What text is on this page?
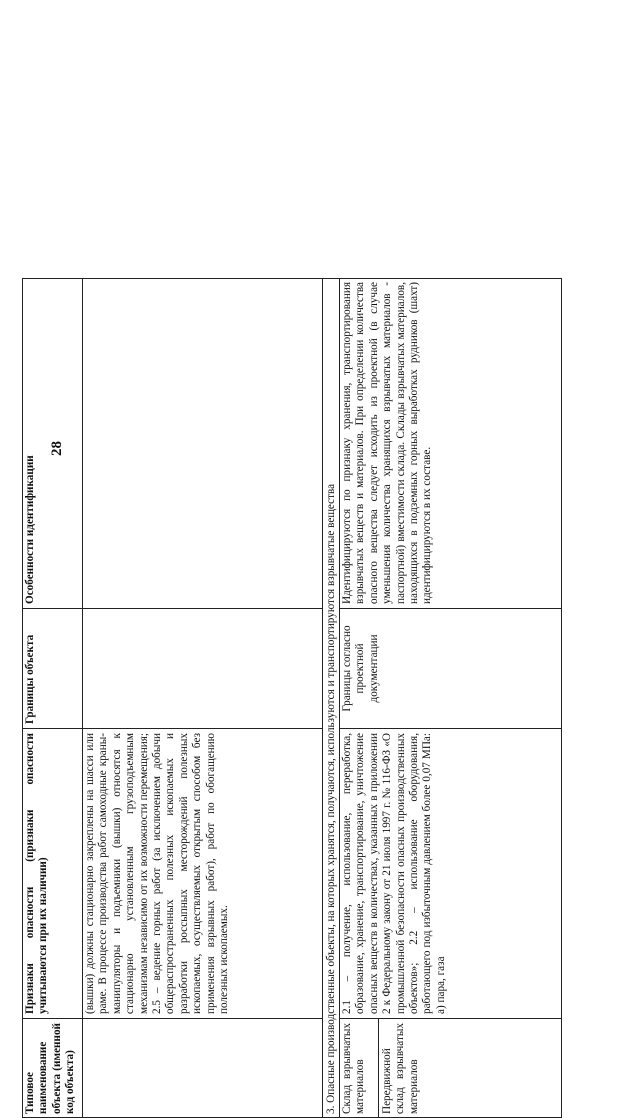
28
Типовое наименование объекта (именной код объекта)
Признаки опасности (признаки опасности учитываются при их наличии)
Границы объекта
Особенности идентификации
(вышки) должны стационарно закреплены на шасси или раме. В процессе производства работ самоходные краны-манипуляторы и подъемники (вышки) относятся к стационарно установленным грузоподъемным механизмам независимо от их возможности перемещения; 2.5 – ведение горных работ (за исключением добычи общераспространенных полезных ископаемых и разработки россыпных месторождений полезных ископаемых, осуществляемых открытым способом без применения взрывных работ), работ по обогащению полезных ископаемых.	3. Опасные производственные объекты, на которых хранятся, получаются, используются и транспортируются взрывчатые вещества Склад взрывчатых материалов	Передвижной склад взрывчатых материалов
2.1 – получение, использование, переработка, образование, хранение, транспортирование, уничтожение опасных веществ в количествах, указанных в приложении 2 к Федеральному закону от 21 июля 1997 г. № 116-ФЗ «О промышленной безопасности опасных производственных объектов»; 2.2 – использование оборудования, работающего под избыточным давлением более 0,07 МПа: а) пара, газа
Границы согласно проектной документации
Идентифицируются по признаку хранения, транспортирования взрывчатых веществ и материалов. При определении количества опасного вещества следует исходить из проектной (в случае уменьшения количества хранящихся взрывчатых материалов - паспортной) вместимости склада. Склады взрывчатых материалов, находящихся в подземных горных выработках рудников (шахт) идентифицируются в их составе.
